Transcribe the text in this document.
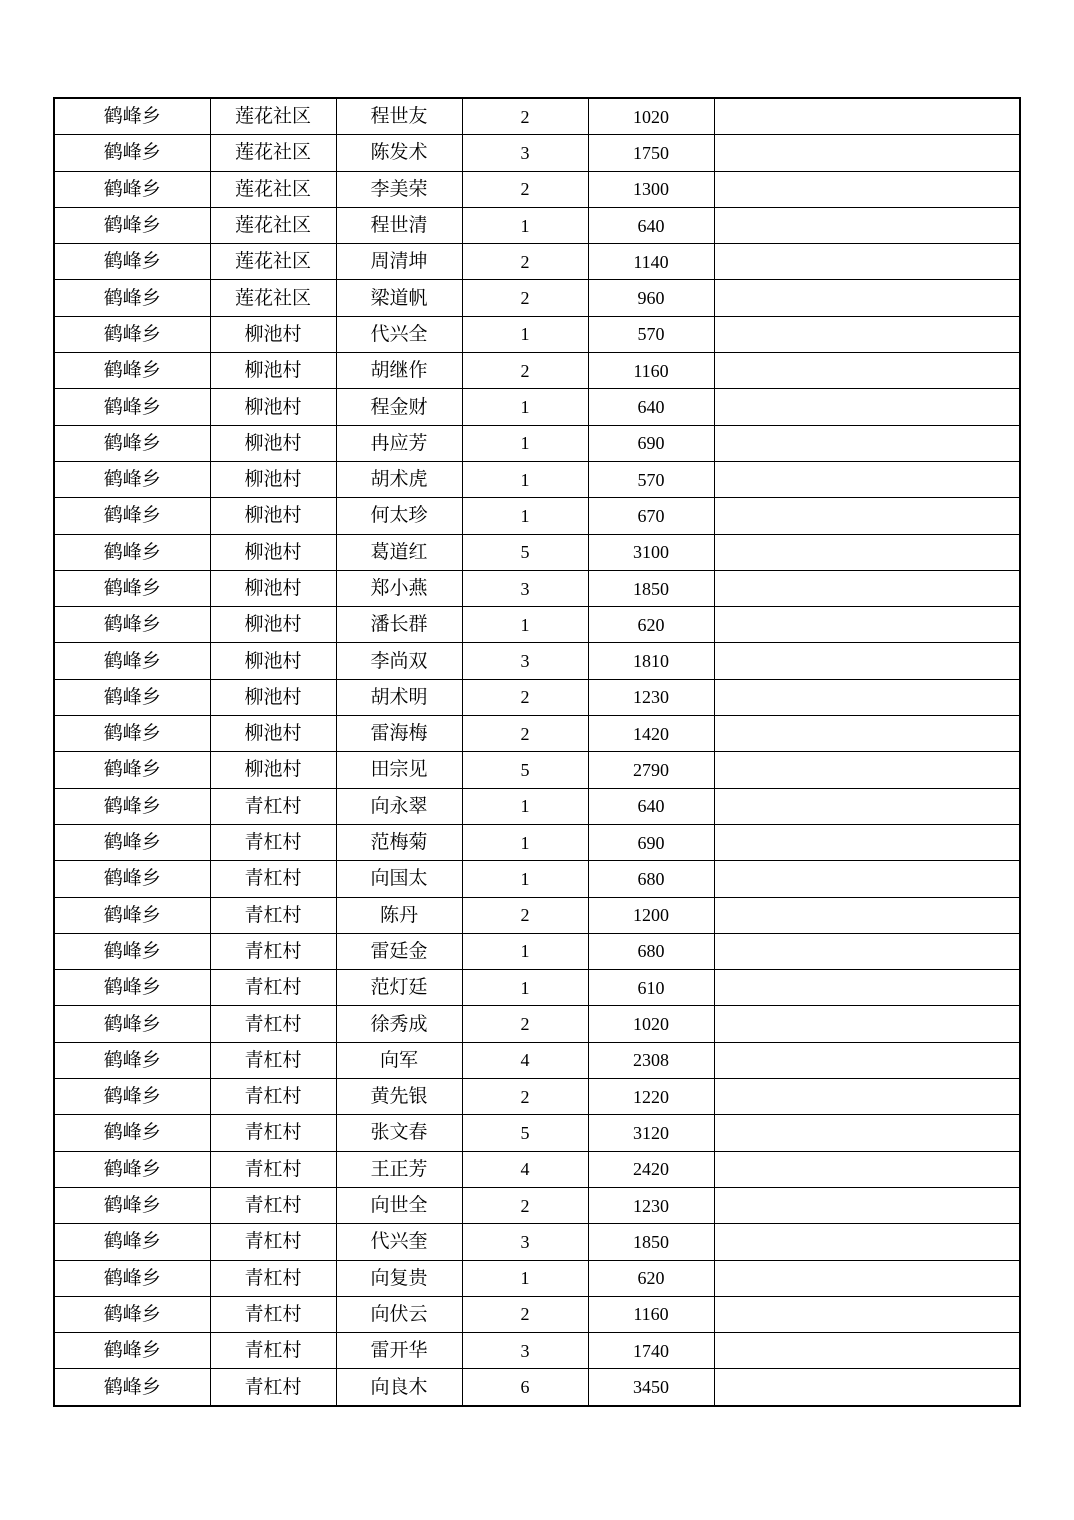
鹤峰乡	莲花社区	程世友	2	1020	
鹤峰乡	莲花社区	陈发术	3	1750	
鹤峰乡	莲花社区	李美荣	2	1300	
鹤峰乡	莲花社区	程世清	1	640	
鹤峰乡	莲花社区	周清坤	2	1140	
鹤峰乡	莲花社区	梁道帆	2	960	
鹤峰乡	柳池村	代兴全	1	570	
鹤峰乡	柳池村	胡继作	2	1160	
鹤峰乡	柳池村	程金财	1	640	
鹤峰乡	柳池村	冉应芳	1	690	
鹤峰乡	柳池村	胡术虎	1	570	
鹤峰乡	柳池村	何太珍	1	670	
鹤峰乡	柳池村	葛道红	5	3100	
鹤峰乡	柳池村	郑小燕	3	1850	
鹤峰乡	柳池村	潘长群	1	620	
鹤峰乡	柳池村	李尚双	3	1810	
鹤峰乡	柳池村	胡术明	2	1230	
鹤峰乡	柳池村	雷海梅	2	1420	
鹤峰乡	柳池村	田宗见	5	2790	
鹤峰乡	青杠村	向永翠	1	640	
鹤峰乡	青杠村	范梅菊	1	690	
鹤峰乡	青杠村	向国太	1	680	
鹤峰乡	青杠村	陈丹	2	1200	
鹤峰乡	青杠村	雷廷金	1	680	
鹤峰乡	青杠村	范灯廷	1	610	
鹤峰乡	青杠村	徐秀成	2	1020	
鹤峰乡	青杠村	向军	4	2308	
鹤峰乡	青杠村	黄先银	2	1220	
鹤峰乡	青杠村	张文春	5	3120	
鹤峰乡	青杠村	王正芳	4	2420	
鹤峰乡	青杠村	向世全	2	1230	
鹤峰乡	青杠村	代兴奎	3	1850	
鹤峰乡	青杠村	向复贵	1	620	
鹤峰乡	青杠村	向伏云	2	1160	
鹤峰乡	青杠村	雷开华	3	1740	
鹤峰乡	青杠村	向良木	6	3450	
